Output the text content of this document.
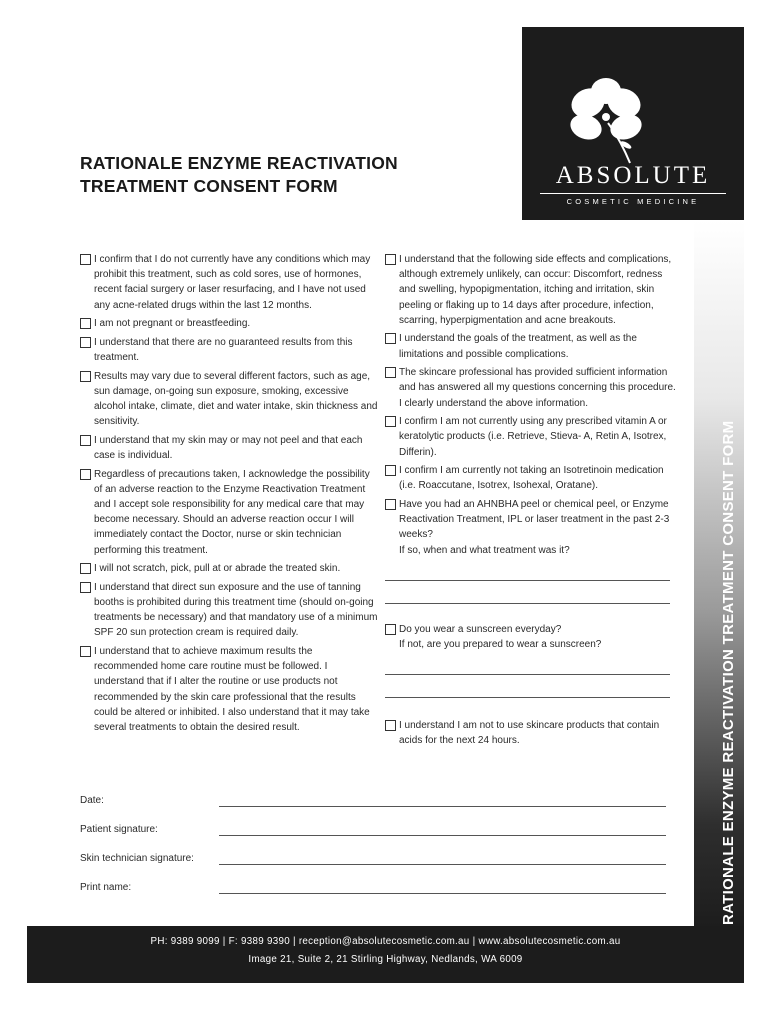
RATIONALE ENZYME REACTIVATION
TREATMENT CONSENT FORM	ABSOLUTE
COSMETIC MEDICINE
RATIONALE ENZYME REACTIVATION TREATMENT CONSENT FORM
I confirm that I do not currently have any conditions which may prohibit this treatment, such as cold sores, use of hormones, recent facial surgery or laser resurfacing, and I have not used any acne-related drugs within the last 12 months.
I am not pregnant or breastfeeding.
I understand that there are no guaranteed results from this treatment.
Results may vary due to several different factors, such as age, sun damage, on-going sun exposure, smoking, excessive alcohol intake, climate, diet and water intake, skin thickness and sensitivity.
I understand that my skin may or may not peel and that each case is individual.
Regardless of precautions taken, I acknowledge the possibility of an adverse reaction to the Enzyme Reactivation Treatment and I accept sole responsibility for any medical care that may become necessary. Should an adverse reaction occur I will immediately contact the Doctor, nurse or skin technician performing this treatment.
I will not scratch, pick, pull at or abrade the treated skin.
I understand that direct sun exposure and the use of tanning booths is prohibited during this treatment time (should on-going treatments be necessary) and that mandatory use of a minimum SPF 20 sun protection cream is required daily.
I understand that to achieve maximum results the recommended home care routine must be followed. I understand that if I alter the routine or use products not recommended by the skin care professional that the results could be altered or inhibited. I also understand that it may take several treatments to obtain the desired result.
I understand that the following side effects and complications, although extremely unlikely, can occur: Discomfort, redness and swelling, hypopigmentation, itching and irritation, skin peeling or flaking up to 14 days after procedure, infection, scarring, hyperpigmentation and acne breakouts.
I understand the goals of the treatment, as well as the limitations and possible complications.
The skincare professional has provided sufficient information and has answered all my questions concerning this procedure. I clearly understand the above information.
I confirm I am not currently using any prescribed vitamin A or keratolytic products (i.e. Retrieve, Stieva- A, Retin A, Isotrex, Differin).
I confirm I am currently not taking an Isotretinoin medication (i.e. Roaccutane, Isotrex, Isohexal, Oratane).
Have you had an AHNBHA peel or chemical peel, or Enzyme Reactivation Treatment, IPL or laser treatment in the past 2-3 weeks?
If so, when and what treatment was it?
Do you wear a sunscreen everyday?
If not, are you prepared to wear a sunscreen?
I understand I am not to use skincare products that contain acids for the next 24 hours.
Date:
Patient signature:
Skin technician signature:
Print name:
PH: 9389 9099 | F: 9389 9390 | reception@absolutecosmetic.com.au | www.absolutecosmetic.com.au
Image 21, Suite 2, 21 Stirling Highway, Nedlands, WA 6009
